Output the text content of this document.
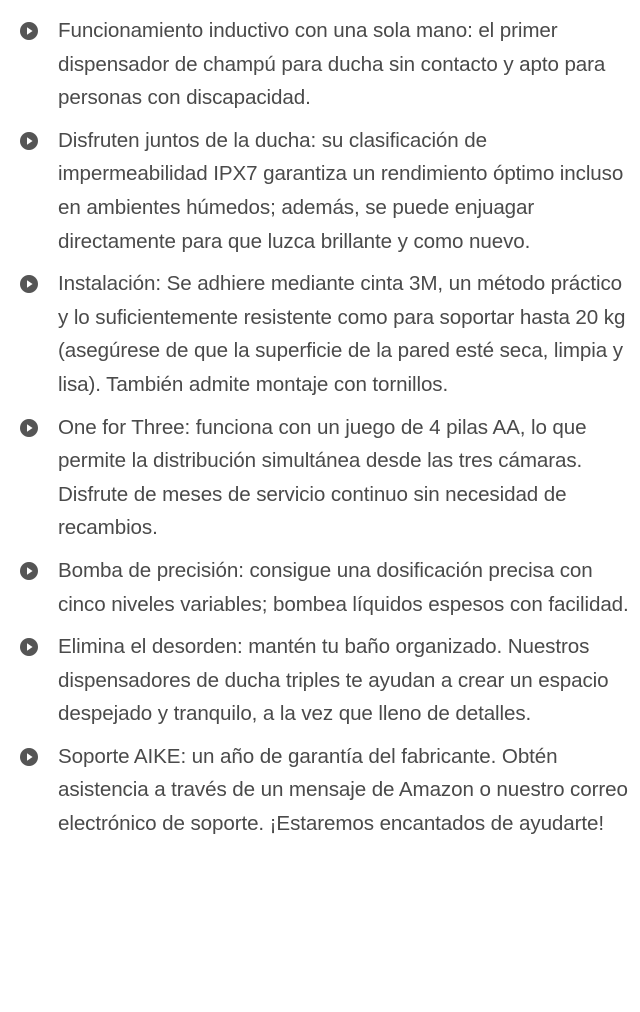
Funcionamiento inductivo con una sola mano: el primer dispensador de champú para ducha sin contacto y apto para personas con discapacidad.
Disfruten juntos de la ducha: su clasificación de impermeabilidad IPX7 garantiza un rendimiento óptimo incluso en ambientes húmedos; además, se puede enjuagar directamente para que luzca brillante y como nuevo.
Instalación: Se adhiere mediante cinta 3M, un método práctico y lo suficientemente resistente como para soportar hasta 20 kg (asegúrese de que la superficie de la pared esté seca, limpia y lisa). También admite montaje con tornillos.
One for Three: funciona con un juego de 4 pilas AA, lo que permite la distribución simultánea desde las tres cámaras. Disfrute de meses de servicio continuo sin necesidad de recambios.
Bomba de precisión: consigue una dosificación precisa con cinco niveles variables; bombea líquidos espesos con facilidad.
Elimina el desorden: mantén tu baño organizado. Nuestros dispensadores de ducha triples te ayudan a crear un espacio despejado y tranquilo, a la vez que lleno de detalles.
Soporte AIKE: un año de garantía del fabricante. Obtén asistencia a través de un mensaje de Amazon o nuestro correo electrónico de soporte. ¡Estaremos encantados de ayudarte!
